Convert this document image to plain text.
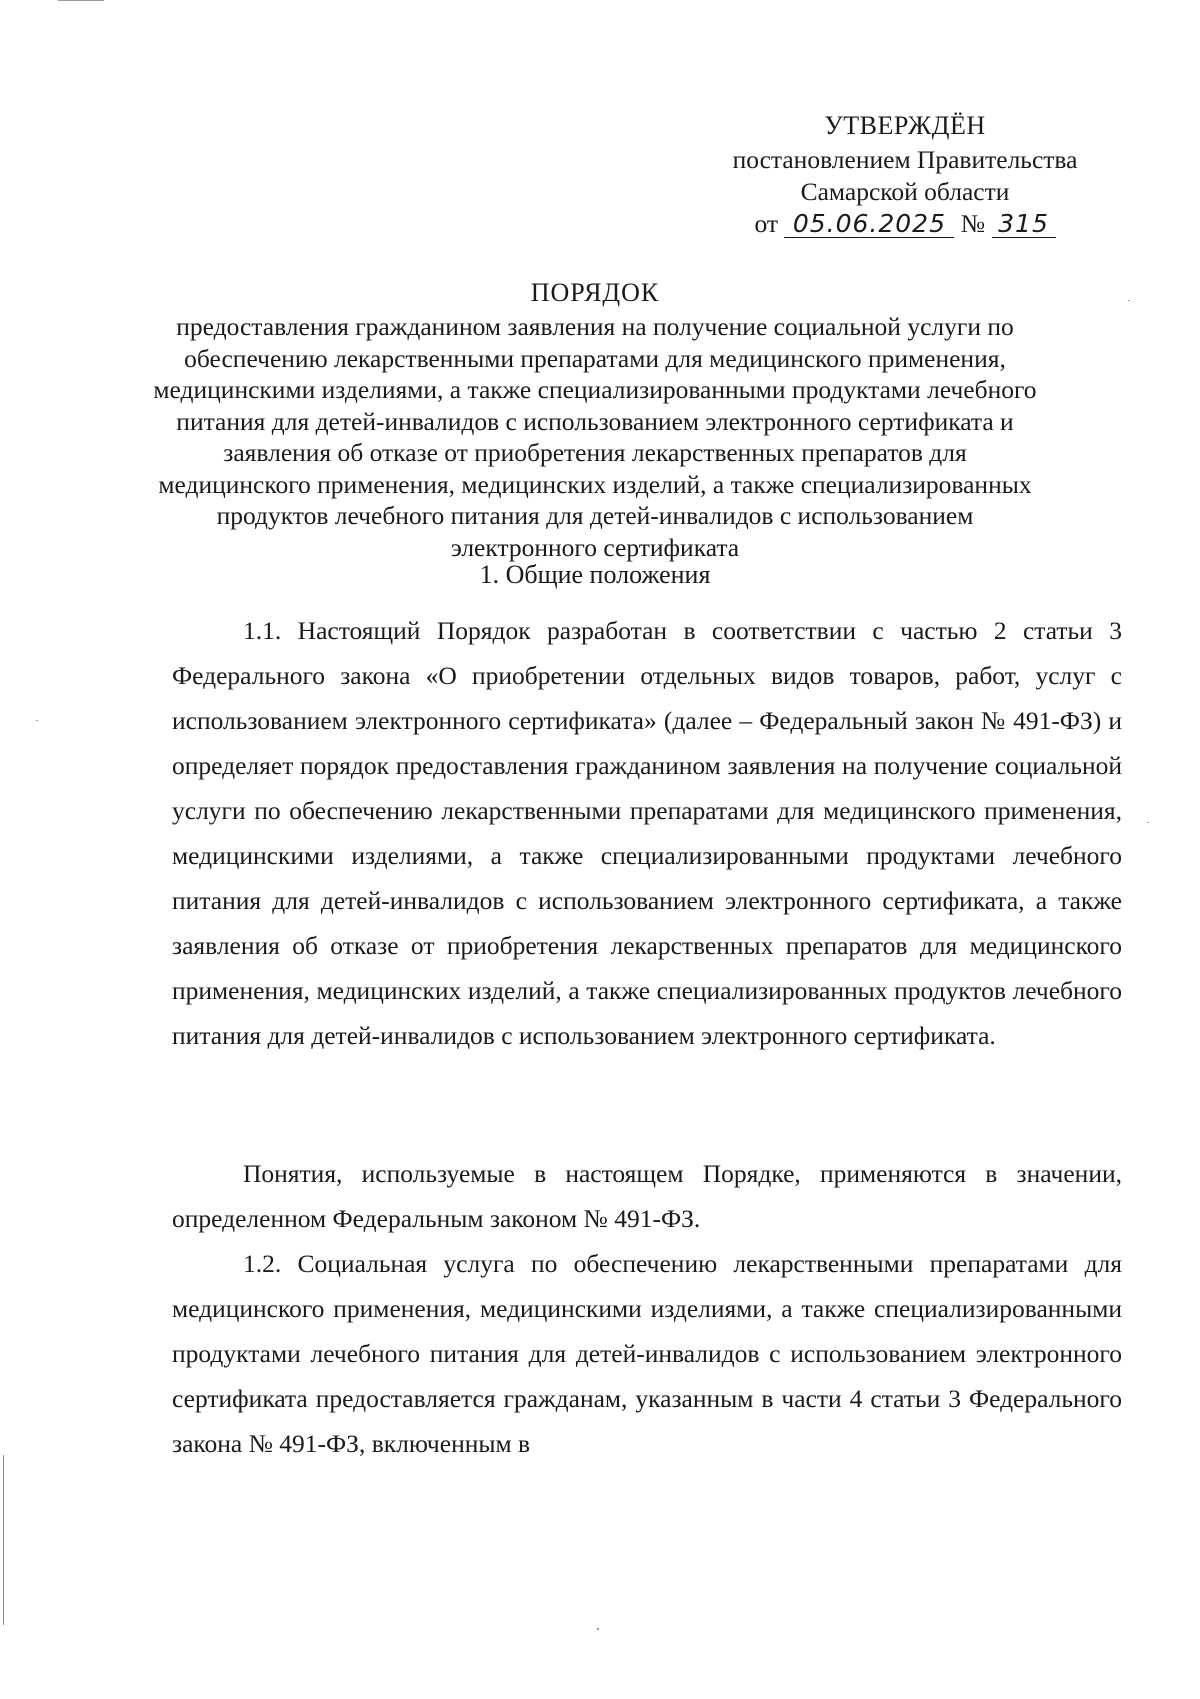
УТВЕРЖДЁН
постановлением Правительства
Самарской области
от 05.06.2025 № 315
ПОРЯДОК
предоставления гражданином заявления на получение социальной услуги по обеспечению лекарственными препаратами для медицинского применения, медицинскими изделиями, а также специализированными продуктами лечебного питания для детей-инвалидов с использованием электронного сертификата и заявления об отказе от приобретения лекарственных препаратов для медицинского применения, медицинских изделий, а также специализированных продуктов лечебного питания для детей-инвалидов с использованием электронного сертификата
1. Общие положения

1.1. Настоящий Порядок разработан в соответствии с частью 2 статьи 3 Федерального закона «О приобретении отдельных видов товаров, работ, услуг с использованием электронного сертификата» (далее – Федеральный закон № 491-ФЗ) и определяет порядок предоставления гражданином заявления на получение социальной услуги по обеспечению лекарственными препаратами для медицинского применения, медицинскими изделиями, а также специализированными продуктами лечебного питания для детей-инвалидов с использованием электронного сертификата, а также заявления об отказе от приобретения лекарственных препаратов для медицинского применения, медицинских изделий, а также специализированных продуктов лечебного питания для детей-инвалидов с использованием электронного сертификата.

Понятия, используемые в настоящем Порядке, применяются в значении, определенном Федеральным законом № 491-ФЗ.

1.2. Социальная услуга по обеспечению лекарственными препаратами для медицинского применения, медицинскими изделиями, а также специализированными продуктами лечебного питания для детей-инвалидов с использованием электронного сертификата предоставляется гражданам, указанным в части 4 статьи 3 Федерального закона № 491-ФЗ, включенным в
